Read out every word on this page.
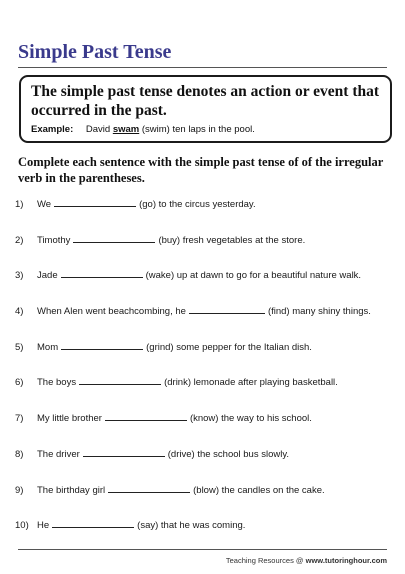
Simple Past Tense
The simple past tense denotes an action or event that occurred in the past.
Example: David swam (swim) ten laps in the pool.

Complete each sentence with the simple past tense of of the irregular verb in the parentheses.

1) We	(go) to the circus yesterday.
2) Timothy	(buy) fresh vegetables at the store.
3) Jade	(wake) up at dawn to go for a beautiful nature walk.
4) When Alen went beachcombing, he	(find) many shiny things.
5) Mom	(grind) some pepper for the Italian dish.
6) The boys	(drink) lemonade after playing basketball.
7) My little brother	(know) the way to his school.
8) The driver	(drive) the school bus slowly.
9) The birthday girl	(blow) the candles on the cake.
10) He	(say) that he was coming.
Teaching Resources @ www.tutoringhour.com
